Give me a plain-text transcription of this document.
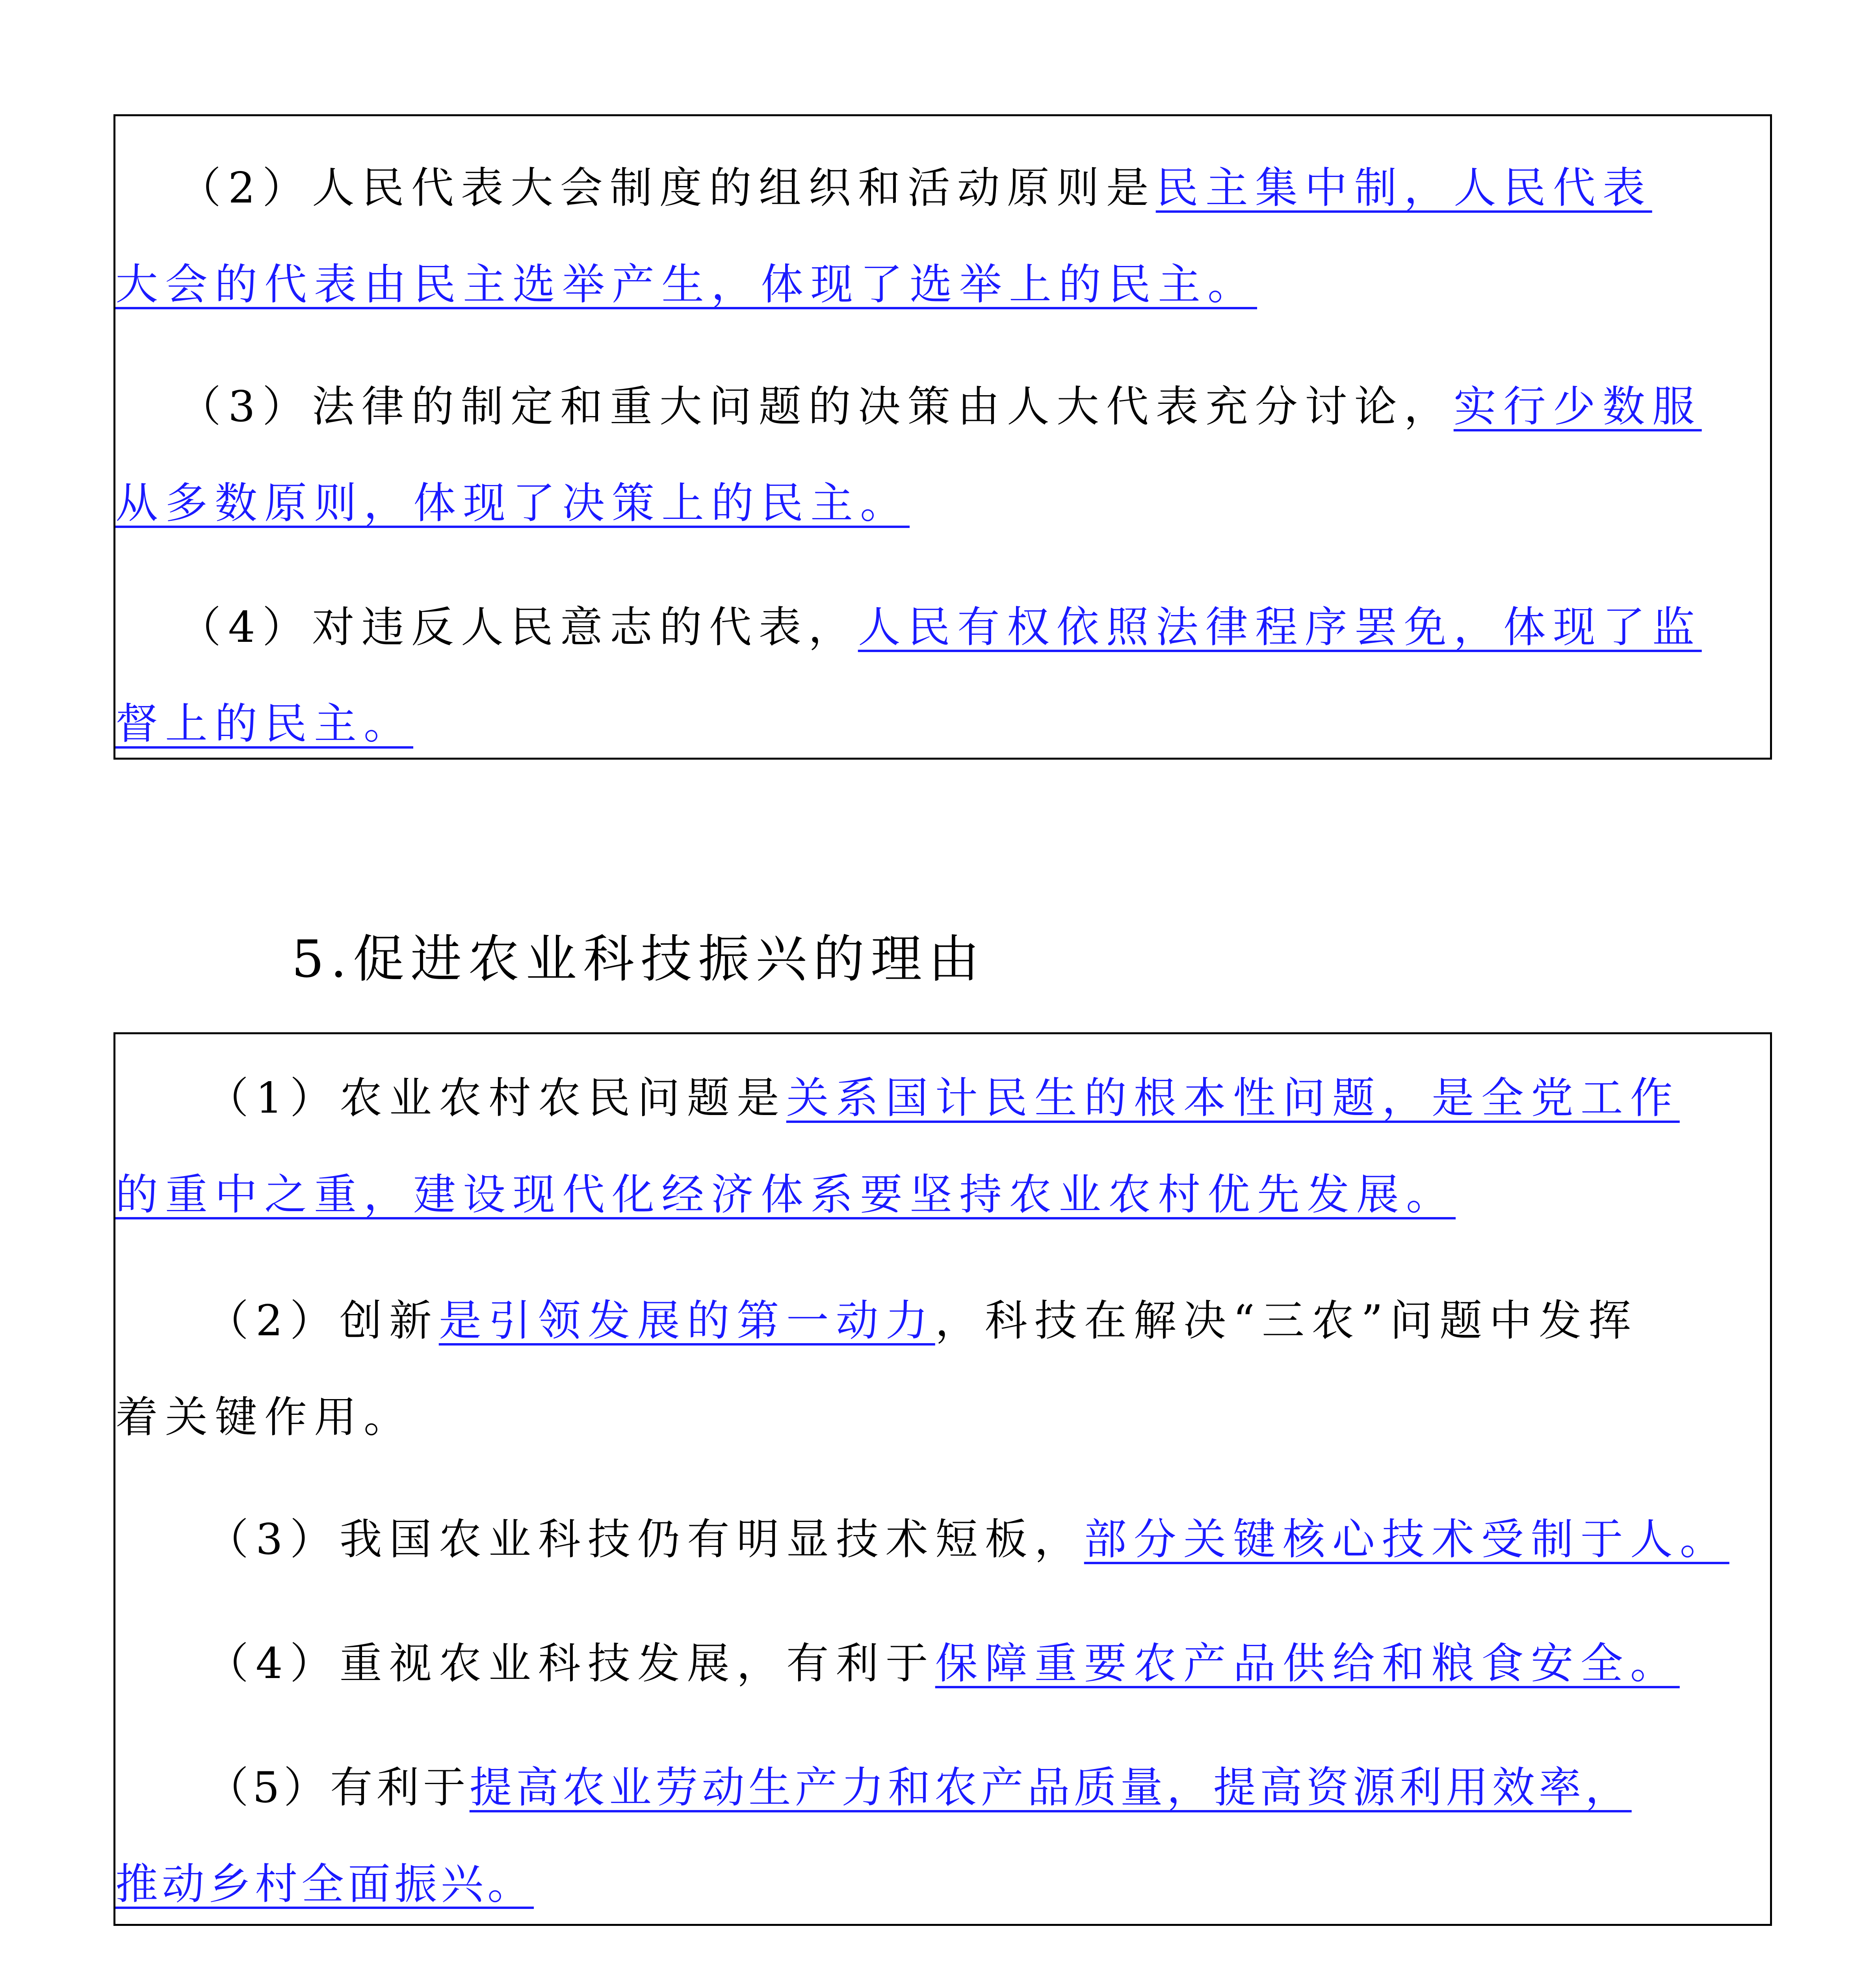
（2）人民代表大会制度的组织和活动原则是民主集中制，人民代表
大会的代表由民主选举产生，体现了选举上的民主。
（3）法律的制定和重大问题的决策由人大代表充分讨论，实行少数服
从多数原则，体现了决策上的民主。
（4）对违反人民意志的代表，人民有权依照法律程序罢免，体现了监
督上的民主。
5.促进农业科技振兴的理由
（1）农业农村农民问题是关系国计民生的根本性问题，是全党工作
的重中之重，建设现代化经济体系要坚持农业农村优先发展。
（2）创新是引领发展的第一动力，科技在解决“三农”问题中发挥
着关键作用。
（3）我国农业科技仍有明显技术短板，部分关键核心技术受制于人。
（4）重视农业科技发展，有利于保障重要农产品供给和粮食安全。
（5）有利于提高农业劳动生产力和农产品质量，提高资源利用效率，
推动乡村全面振兴。
